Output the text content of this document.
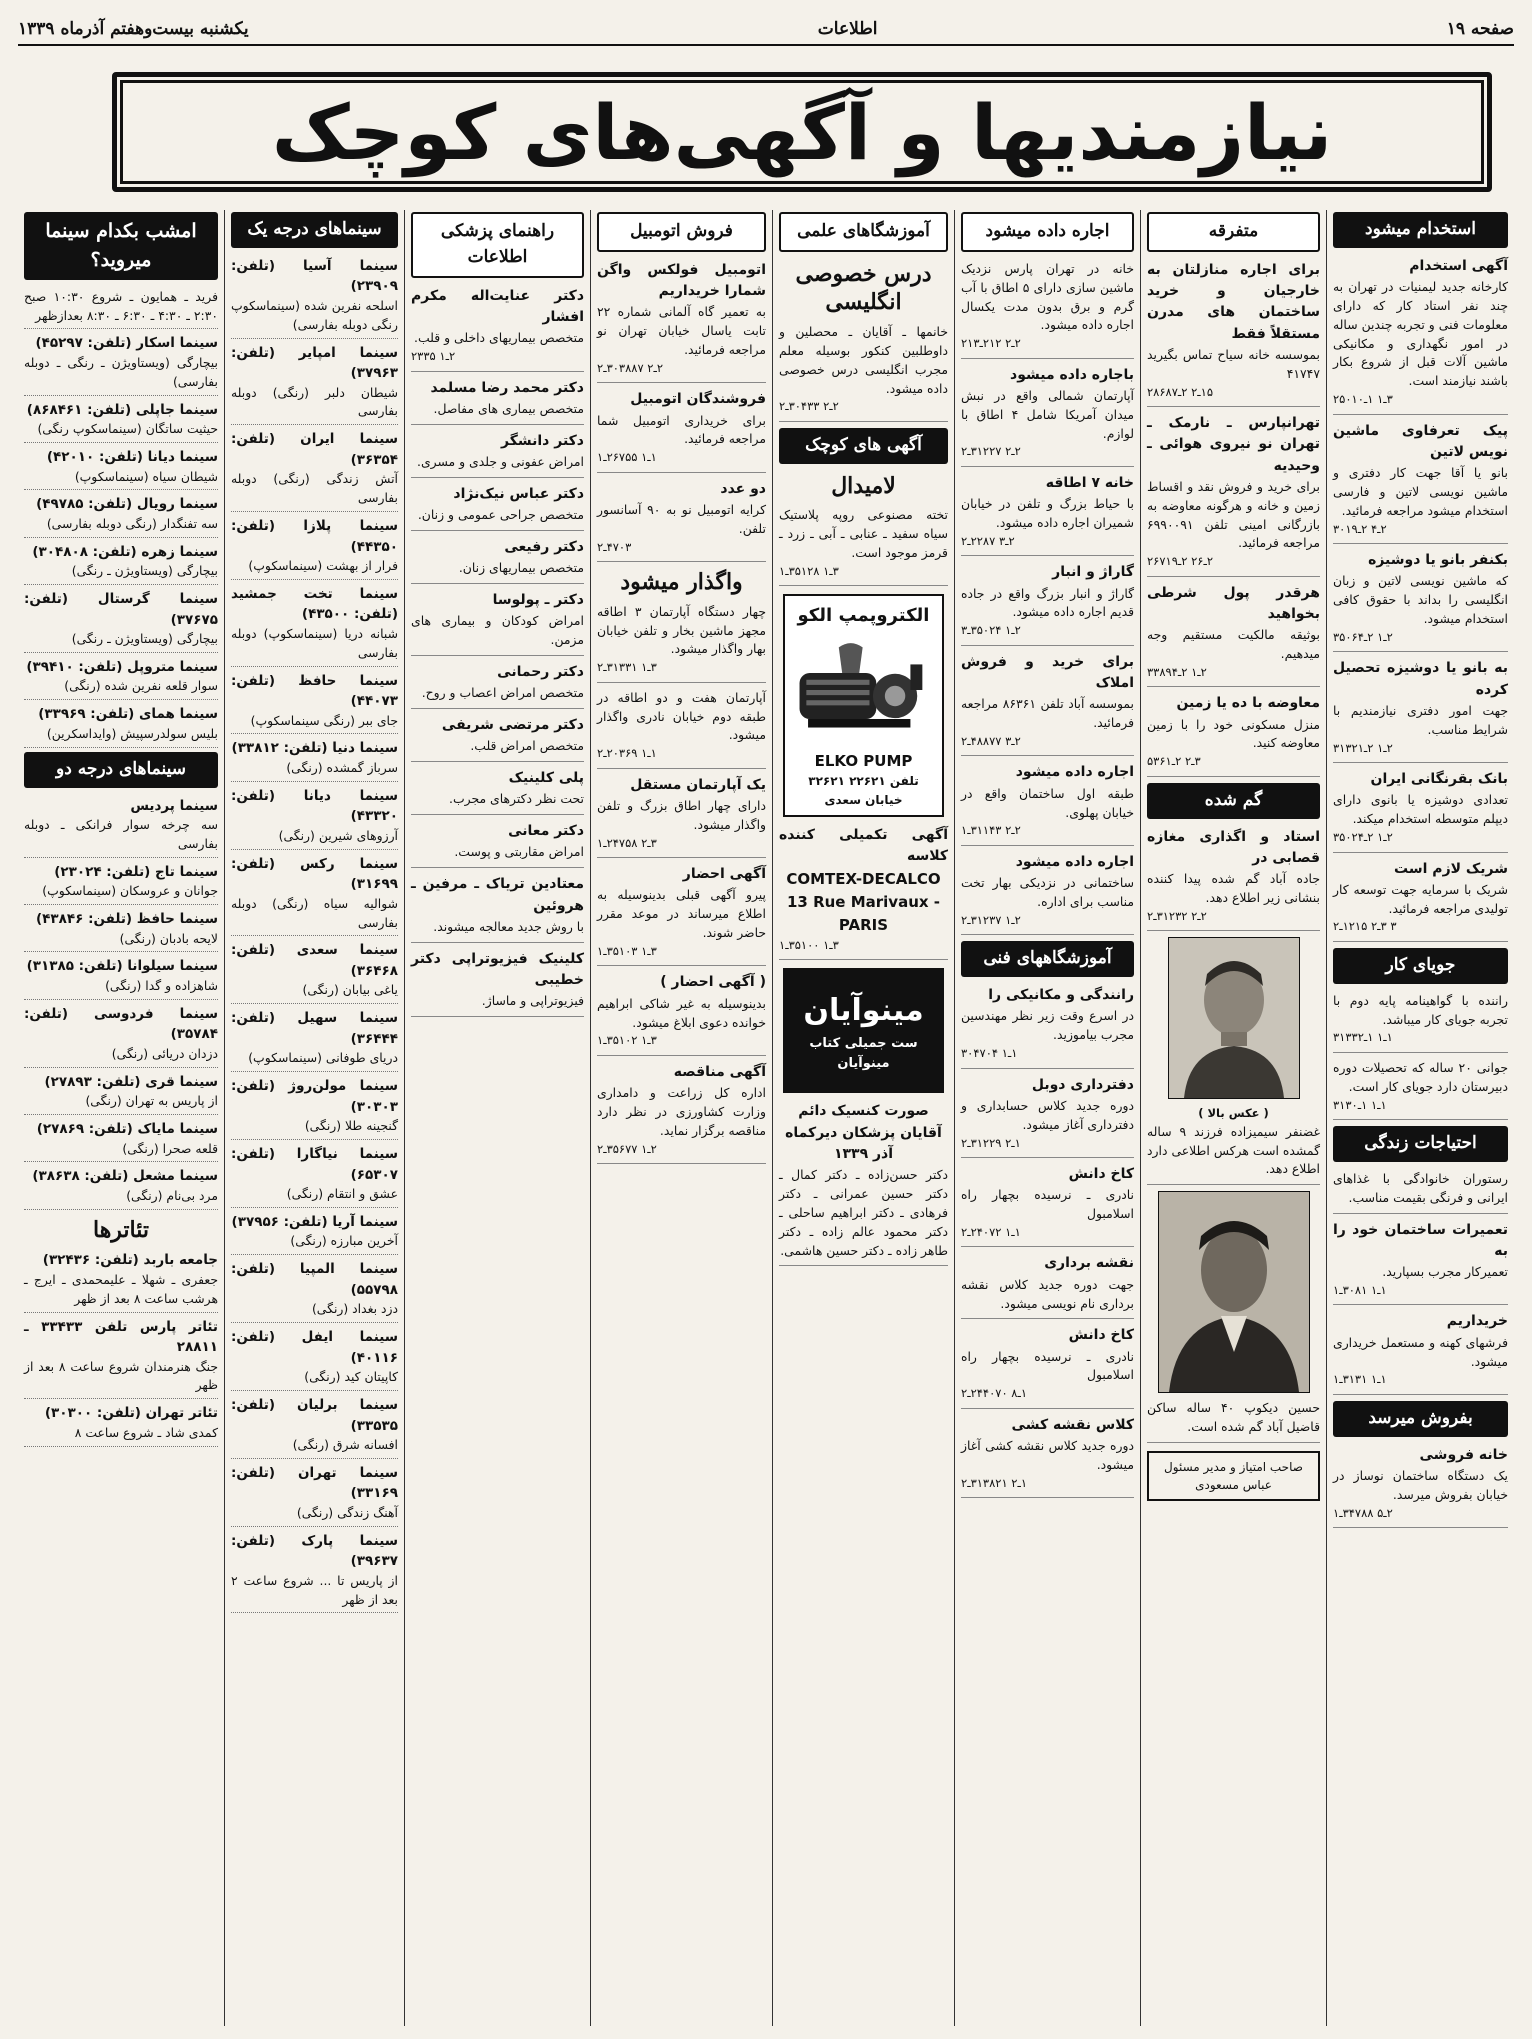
صفحه ۱۹
اطلاعات
یکشنبه بیست‌وهفتم آذرماه ۱۳۳۹
نیازمندیها و آگهی‌های کوچک
استخدام میشود
آگهی استخدام
کارخانه جدید لیمنیات در تهران به چند نفر استاد کار که دارای معلومات فنی و تجربه چندین ساله در امور نگهداری و مکانیکی ماشین آلات قبل از شروع بکار باشند نیازمند است.
۳ـ۱ ۱ـ۲۵۰۱۰
پیک تعرفاوی ماشین نویس لاتین
بانو یا آقا جهت کار دفتری و ماشین نویسی لاتین و فارسی استخدام میشود مراجعه فرمائید.
۲ـ۴ ۲ـ۳۰۱۹
بکنفر بانو یا دوشیزه
که ماشین نویسی لاتین و زبان انگلیسی را بداند با حقوق کافی استخدام میشود.
۲ـ۱ ۲ـ۳۵۰۶۴
به بانو یا دوشیزه تحصیل کرده
جهت امور دفتری نیازمندیم با شرایط مناسب.
۲ـ۱ ۲ـ۳۱۳۲۱
بانک بقرنگانی ایران
تعدادی دوشیزه یا بانوی دارای دیپلم متوسطه استخدام میکند.
۲ـ۱ ۲ـ۳۵۰۲۴
شریک لازم است
شریک با سرمایه جهت توسعه کار تولیدی مراجعه فرمائید.
۳ ۳ـ۲ ۱۲۱۵ـ۲
جویای کار
راننده با گواهینامه پایه دوم با تجربه جویای کار میباشد.
۱ـ۱ ۱ـ۳۱۳۳۲
جوانی ۲۰ ساله که تحصیلات دوره دبیرستان دارد جویای کار است.
۱ـ۱ ۱ـ۳۱۳۰
احتیاجات زندگی
رستوران خانوادگی با غذاهای ایرانی و فرنگی بقیمت مناسب.
تعمیرات ساختمان خود را به
تعمیرکار مجرب بسپارید.
۱ـ۱ ۳۰۸۱ـ۱
خریداریم
فرشهای کهنه و مستعمل خریداری میشود.
۱ـ۱ ۳۱۳۱ـ۱
بفروش میرسد
خانه فروشی
یک دستگاه ساختمان نوساز در خیابان بفروش میرسد.
۲ـ۵ ۳۴۷۸۸ـ۱
متفرقه
برای اجاره منازلتان به خارجیان و خرید ساختمان های مدرن مستقلاً فقط
بموسسه خانه سیاح تماس بگیرید ۴۱۷۴۷
۱۵ـ۲ ۲ـ۲۸۶۸۷
تهرانپارس ـ نارمک ـ تهران نو نیروی هوائی ـ وحیدیه
برای خرید و فروش نقد و اقساط زمین و خانه و هرگونه معاوضه به بازرگانی امینی تلفن ۶۹۹۰۰۹۱ مراجعه فرمائید.
۲ـ۲۶ ۲ـ۲۶۷۱۹
هرقدر پول شرطی بخواهید
بوثیقه مالکیت مستقیم وجه میدهیم.
۲ـ۱ ۲ـ۳۳۸۹۴
معاوضه با ده یا زمین
منزل مسکونی خود را با زمین معاوضه کنید.
۳ـ۲ ۲ـ۵۳۶۱
گم شده
استاد و اگذاری مغازه قصابی در
جاده آباد گم شده پیدا کننده بنشانی زیر اطلاع دهد.
۲ـ۲ ۳۱۲۳۲ـ۲
( عکس بالا )
غضنفر سیمیزاده فرزند ۹ ساله گمشده است هرکس اطلاعی دارد اطلاع دهد.
حسین دیکوپ ۴۰ ساله ساکن قاضیل آباد گم شده است.
صاحب امتیاز و مدیر مسئول عباس مسعودی
اجاره داده میشود
خانه در تهران پارس نزدیک ماشین سازی دارای ۵ اطاق با آب گرم و برق بدون مدت یکسال اجاره داده میشود.
۲ـ۲ ۲۱۲ـ۲۱۳
باجاره داده میشود
آپارتمان شمالی واقع در نبش میدان آمریکا شامل ۴ اطاق با لوازم.
۲ـ۲ ۳۱۲۲۷ـ۲
خانه ۷ اطاقه
با حیاط بزرگ و تلفن در خیابان شمیران اجاره داده میشود.
۲ـ۳ ۲۲۸۷ـ۲
گاراژ و انبار
گاراژ و انبار بزرگ واقع در جاده قدیم اجاره داده میشود.
۲ـ۱ ۳۵۰۲۴ـ۳
برای خرید و فروش املاک
بموسسه آباد تلفن ۸۶۳۶۱ مراجعه فرمائید.
۲ـ۳ ۴۸۸۷۷ـ۲
اجاره داده میشود
طبقه اول ساختمان واقع در خیابان پهلوی.
۲ـ۲ ۳۱۱۴۳ـ۱
اجاره داده میشود
ساختمانی در نزدیکی بهار تخت مناسب برای اداره.
۲ـ۱ ۳۱۲۳۷ـ۲
آموزشگاههای فنی
رانندگی و مکانیکی را
در اسرع وقت زیر نظر مهندسین مجرب بیاموزید.
۱ـ۱ ۳۰۴۷۰۴
دفترداری دوبل
دوره جدید کلاس حسابداری و دفترداری آغاز میشود.
۱ـ۲ ۳۱۲۲۹ـ۲
کاخ دانش
نادری ـ نرسیده بچهار راه اسلامبول
۱ـ۱ ۲۴۰۷۲ـ۲
نقشه برداری
جهت دوره جدید کلاس نقشه برداری نام نویسی میشود.
کاخ دانش
نادری ـ نرسیده بچهار راه اسلامبول
۱ـ۸ ۲۴۴۰۷۰ـ۲
کلاس نقشه کشی
دوره جدید کلاس نقشه کشی آغاز میشود.
۱ـ۲ ۳۱۳۸۲۱ـ۲
آموزشگاهای علمی
درس خصوصی انگلیسی
خانمها ـ آقایان ـ محصلین و داوطلبین کنکور بوسیله معلم مجرب انگلیسی درس خصوصی داده میشود.
۲ـ۲ ۳۰۴۳۳ـ۲
آگهی های کوچک
لامیدال
تخته مصنوعی روپه پلاستیک سیاه سفید ـ عنابی ـ آبی ـ زرد ـ قرمز موجود است.
۳ـ۱ ۳۵۱۲۸ـ۱
الکتروپمپ الکو
ELKO PUMP
تلفن ۲۲۶۲۱ ۳۲۶۲۱ خیابان سعدی
آگهی تکمیلی کننده کلاسه
COMTEX-DECALCO 13 Rue Marivaux - PARIS
۳ـ۱ ۳۵۱۰۰ـ۱
مینوآیان
ست جمیلی کتاب مینوآیان
صورت کنسیک دائم آقایان پزشکان دیرکماه آذر ۱۳۳۹
دکتر حسن‌زاده ـ دکتر کمال ـ دکتر حسین عمرانی ـ دکتر فرهادی ـ دکتر ابراهیم ساحلی ـ دکتر محمود عالم زاده ـ دکتر طاهر زاده ـ دکتر حسین هاشمی.
فروش اتومبیل
اتومبیل فولکس واگن شمارا خریداریم
به تعمیر گاه آلمانی شماره ۲۲ تابت یاسال خیابان تهران نو مراجعه فرمائید.
۲ـ۲ ۳۰۳۸۸۷ـ۲
فروشندگان اتومبیل
برای خریداری اتومبیل شما مراجعه فرمائید.
۱ـ۱ ۲۶۷۵۵ـ۱
دو عدد
کرایه اتومبیل نو به ۹۰ آسانسور تلفن.
۴۷۰۳ـ۲
واگذار میشود
چهار دستگاه آپارتمان ۳ اطاقه مجهز ماشین بخار و تلفن خیابان بهار واگذار میشود.
۳ـ۱ ۳۱۳۳۱ـ۲
آپارتمان هفت و دو اطاقه در طبقه دوم خیابان نادری واگذار میشود.
۱ـ۱ ۲۰۳۶۹ـ۲
یک آپارتمان مستقل
دارای چهار اطاق بزرگ و تلفن واگذار میشود.
۳ـ۲ ۲۴۷۵۸ـ۱
آگهی احضار
پیرو آگهی قبلی بدینوسیله به اطلاع میرساند در موعد مقرر حاضر شوند.
۳ـ۱ ۳۵۱۰۳ـ۱
( آگهی احضار )
بدینوسیله به غیر شاکی ابراهیم خوانده دعوی ابلاغ میشود.
۳ـ۱ ۳۵۱۰۲ـ۱
آگهی مناقصه
اداره کل زراعت و دامداری وزارت کشاورزی در نظر دارد مناقصه برگزار نماید.
۲ـ۱ ۳۵۶۷۷ـ۲
راهنمای پزشکی اطلاعات
دکتر عنایت‌اله مکرم افشار
متخصص بیماریهای داخلی و قلب.
۲ـ۱ ۲۳۳۵
دکتر محمد رضا مسلمد
متخصص بیماری های مفاصل.
دکتر دانشگر
امراض عفونی و جلدی و مسری.
دکتر عباس نیک‌نژاد
متخصص جراحی عمومی و زنان.
دکتر رفیعی
متخصص بیماریهای زنان.
دکتر ـ پولوسا
امراض کودکان و بیماری های مزمن.
دکتر رحمانی
متخصص امراض اعصاب و روح.
دکتر مرتضی شریفی
متخصص امراض قلب.
پلی کلینیک
تحت نظر دکترهای مجرب.
دکتر معانی
امراض مقاربتی و پوست.
معتادین تریاک ـ مرفین ـ هروئین
با روش جدید معالجه میشوند.
کلینیک فیزیوتراپی دکتر خطیبی
فیزیوتراپی و ماساژ.
سینماهای درجه یک
سینما آسیا (تلفن: ۲۳۹۰۹)
اسلحه نفرین شده (سینماسکوپ رنگی دوبله بفارسی)
سینما امپایر (تلفن: ۳۷۹۶۳)
شیطان دلبر (رنگی) دوبله بفارسی
سینما ایران (تلفن: ۳۶۳۵۴)
آتش زندگی (رنگی) دوبله بفارسی
سینما پلازا (تلفن: ۴۴۳۵۰)
فرار از بهشت (سینماسکوپ)
سینما تخت جمشید (تلفن: ۴۳۵۰۰)
شبانه دریا (سینماسکوپ) دوبله بفارسی
سینما حافظ (تلفن: ۴۴۰۷۳)
جای ببر (رنگی سینماسکوپ)
سینما دنیا (تلفن: ۳۳۸۱۲)
سرباز گمشده (رنگی)
سینما دیانا (تلفن: ۴۳۳۲۰)
آرزوهای شیرین (رنگی)
سینما رکس (تلفن: ۳۱۶۹۹)
شوالیه سیاه (رنگی) دوبله بفارسی
سینما سعدی (تلفن: ۳۶۴۶۸)
یاغی بیابان (رنگی)
سینما سهیل (تلفن: ۳۶۴۴۴)
دریای طوفانی (سینماسکوپ)
سینما مولن‌روژ (تلفن: ۳۰۳۰۳)
گنجینه طلا (رنگی)
سینما نیاگارا (تلفن: ۶۵۳۰۷)
عشق و انتقام (رنگی)
سینما آریا (تلفن: ۳۷۹۵۶)
آخرین مبارزه (رنگی)
سینما المپیا (تلفن: ۵۵۷۹۸)
دزد بغداد (رنگی)
سینما ایفل (تلفن: ۴۰۱۱۶)
کاپیتان کید (رنگی)
سینما برلیان (تلفن: ۳۳۵۳۵)
افسانه شرق (رنگی)
سینما تهران (تلفن: ۳۳۱۶۹)
آهنگ زندگی (رنگی)
سینما پارک (تلفن: ۳۹۶۳۷)
از پاریس تا ... شروع ساعت ۲ بعد از ظهر
امشب بکدام سینما میروید؟
فرید ـ همایون ـ شروع ۱۰:۳۰ صبح ۲:۳۰ ـ ۴:۳۰ ـ ۶:۳۰ ـ ۸:۳۰ بعدازظهر
سینما اسکار (تلفن: ۴۵۲۹۷)
بیچارگی (ویستاویژن ـ رنگی ـ دوبله بفارسی)
سینما جاپلی (تلفن: ۸۶۸۴۶۱)
حیثیت ساتگان (سینماسکوپ رنگی)
سینما دیانا (تلفن: ۴۲۰۱۰)
شیطان سیاه (سینماسکوپ)
سینما رویال (تلفن: ۴۹۷۸۵)
سه تفنگدار (رنگی دوبله بفارسی)
سینما زهره (تلفن: ۳۰۴۸۰۸)
بیچارگی (ویستاویژن ـ رنگی)
سینما گرستال (تلفن: ۳۷۶۷۵)
بیچارگی (ویستاویژن ـ رنگی)
سینما متروپل (تلفن: ۳۹۴۱۰)
سوار قلعه نفرین شده (رنگی)
سینما همای (تلفن: ۳۳۹۶۹)
بلیس سولدرسپیش (وایداسکرین)
سینماهای درجه دو
سینما پردیس
سه چرخه سوار فرانکی ـ دوبله بفارسی
سینما تاج (تلفن: ۲۳۰۲۴)
جوانان و عروسکان (سینماسکوپ)
سینما حافظ (تلفن: ۴۳۸۴۶)
لایحه بادبان (رنگی)
سینما سیلوانا (تلفن: ۳۱۳۸۵)
شاهزاده و گدا (رنگی)
سینما فردوسی (تلفن: ۳۵۷۸۴)
دزدان دریائی (رنگی)
سینما قری (تلفن: ۲۷۸۹۳)
از پاریس به تهران (رنگی)
سینما مایاک (تلفن: ۲۷۸۶۹)
قلعه صحرا (رنگی)
سینما مشعل (تلفن: ۳۸۶۳۸)
مرد بی‌نام (رنگی)
تئاترها
جامعه باربد (تلفن: ۳۲۴۳۶)
جعفری ـ شهلا ـ علیمحمدی ـ ایرج ـ هرشب ساعت ۸ بعد از ظهر
تئاتر پارس تلفن ۳۳۴۳۳ ـ ۲۸۸۱۱
جنگ هنرمندان شروع ساعت ۸ بعد از ظهر
تئاتر تهران (تلفن: ۳۰۳۰۰)
کمدی شاد ـ شروع ساعت ۸
